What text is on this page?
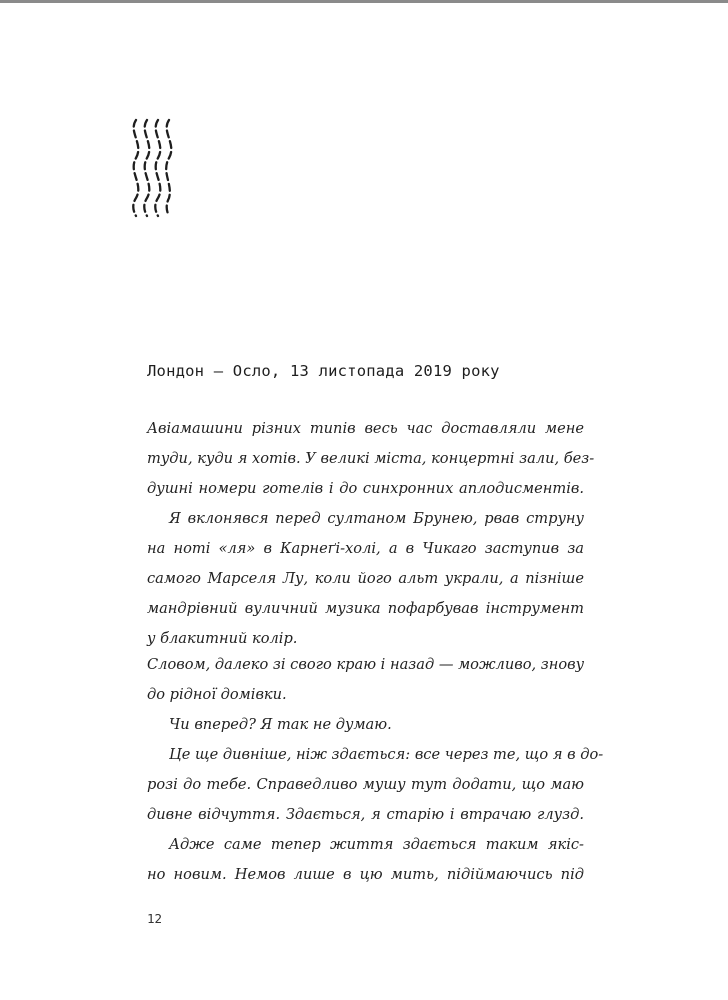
Лондон – Осло, 13 листопада 2019 року
Авіамашини різних типів весь час доставляли мене
туди, куди я хотів. У великі міста, концертні зали, без-
душні номери готелів і до синхронних аплодисментів.
Я вклонявся перед султаном Брунею, рвав струну
на ноті «ля» в Карнеґі-холі, а в Чикаго заступив за
самого Марселя Лу, коли його альт украли, а пізніше
мандрівний вуличний музика пофарбував інструмент
у блакитний колір.
Словом, далеко зі свого краю і назад — можливо, знову
до рідної домівки.
Чи вперед? Я так не думаю.
Це ще дивніше, ніж здається: все через те, що я в до-
розі до тебе. Справедливо мушу тут додати, що маю
дивне відчуття. Здається, я старію і втрачаю глузд.
Адже саме тепер життя здається таким якіс-
но новим. Немов лише в цю мить, підіймаючись під
12
